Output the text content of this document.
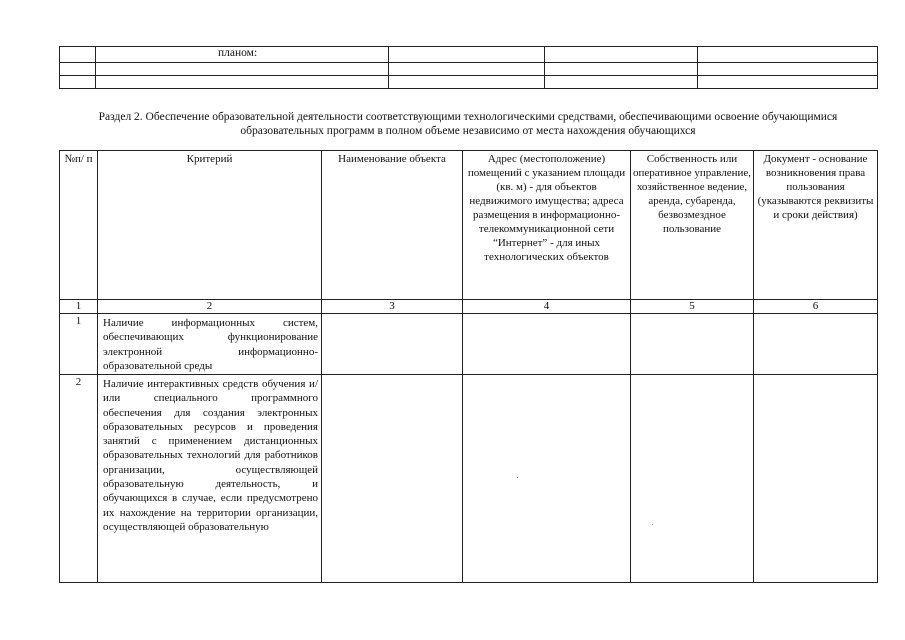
	планом:			

Раздел 2. Обеспечение образовательной деятельности соответствующими технологическими средствами, обеспечивающими освоение обучающимися образовательных программ в полном объеме независимо от места нахождения обучающихся

№п/ п	Критерий	Наименование объекта	Адрес (местоположение) помещений с указанием площади (кв. м) - для объектов недвижимого имущества; адреса размещения в информационно-телекоммуникационной сети “Интернет” - для иных технологических объектов	Собственность или оперативное управление, хозяйственное ведение, аренда, субаренда, безвозмездное пользование	Документ - основание возникновения права пользования (указываются реквизиты и сроки действия)
1	2	3	4	5	6
1	Наличие информационных систем, обеспечивающих функционирование электронной информационно-образовательной среды				
2	Наличие интерактивных средств обучения и/или специального программного обеспечения для создания электронных образовательных ресурсов и проведения занятий с применением дистанционных образовательных технологий для работников организации, осуществляющей образовательную деятельность, и обучающихся в случае, если предусмотрено их нахождение на территории организации, осуществляющей образовательную				
